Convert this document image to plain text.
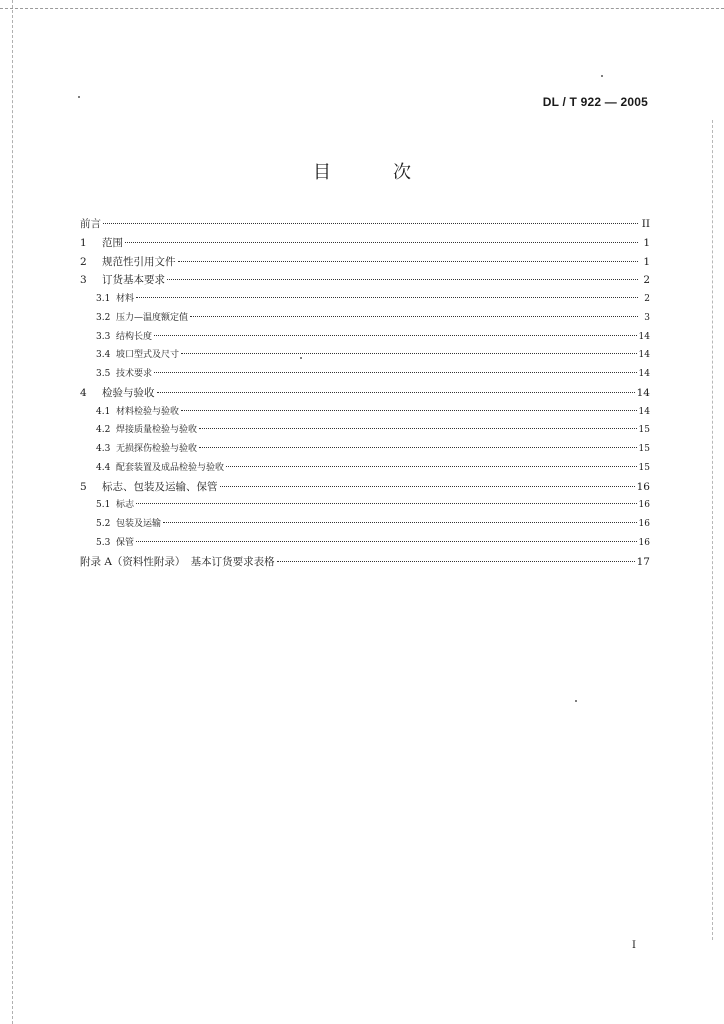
DL / T 922 — 2005
目　次
前言	II
1	范围	1
2	规范性引用文件	1
3	订货基本要求	2
3.1 材料	2
3.2 压力—温度额定值	3
3.3 结构长度	14
3.4 坡口型式及尺寸	14
3.5 技术要求	14
4	检验与验收	14
4.1 材料检验与验收	14
4.2 焊接质量检验与验收	15
4.3 无损探伤检验与验收	15
4.4 配套装置及成品检验与验收	15
5	标志、包装及运输、保管	16
5.1 标志	16
5.2 包装及运输	16
5.3 保管	16
附录 A（资料性附录）　基本订货要求表格	17
I
